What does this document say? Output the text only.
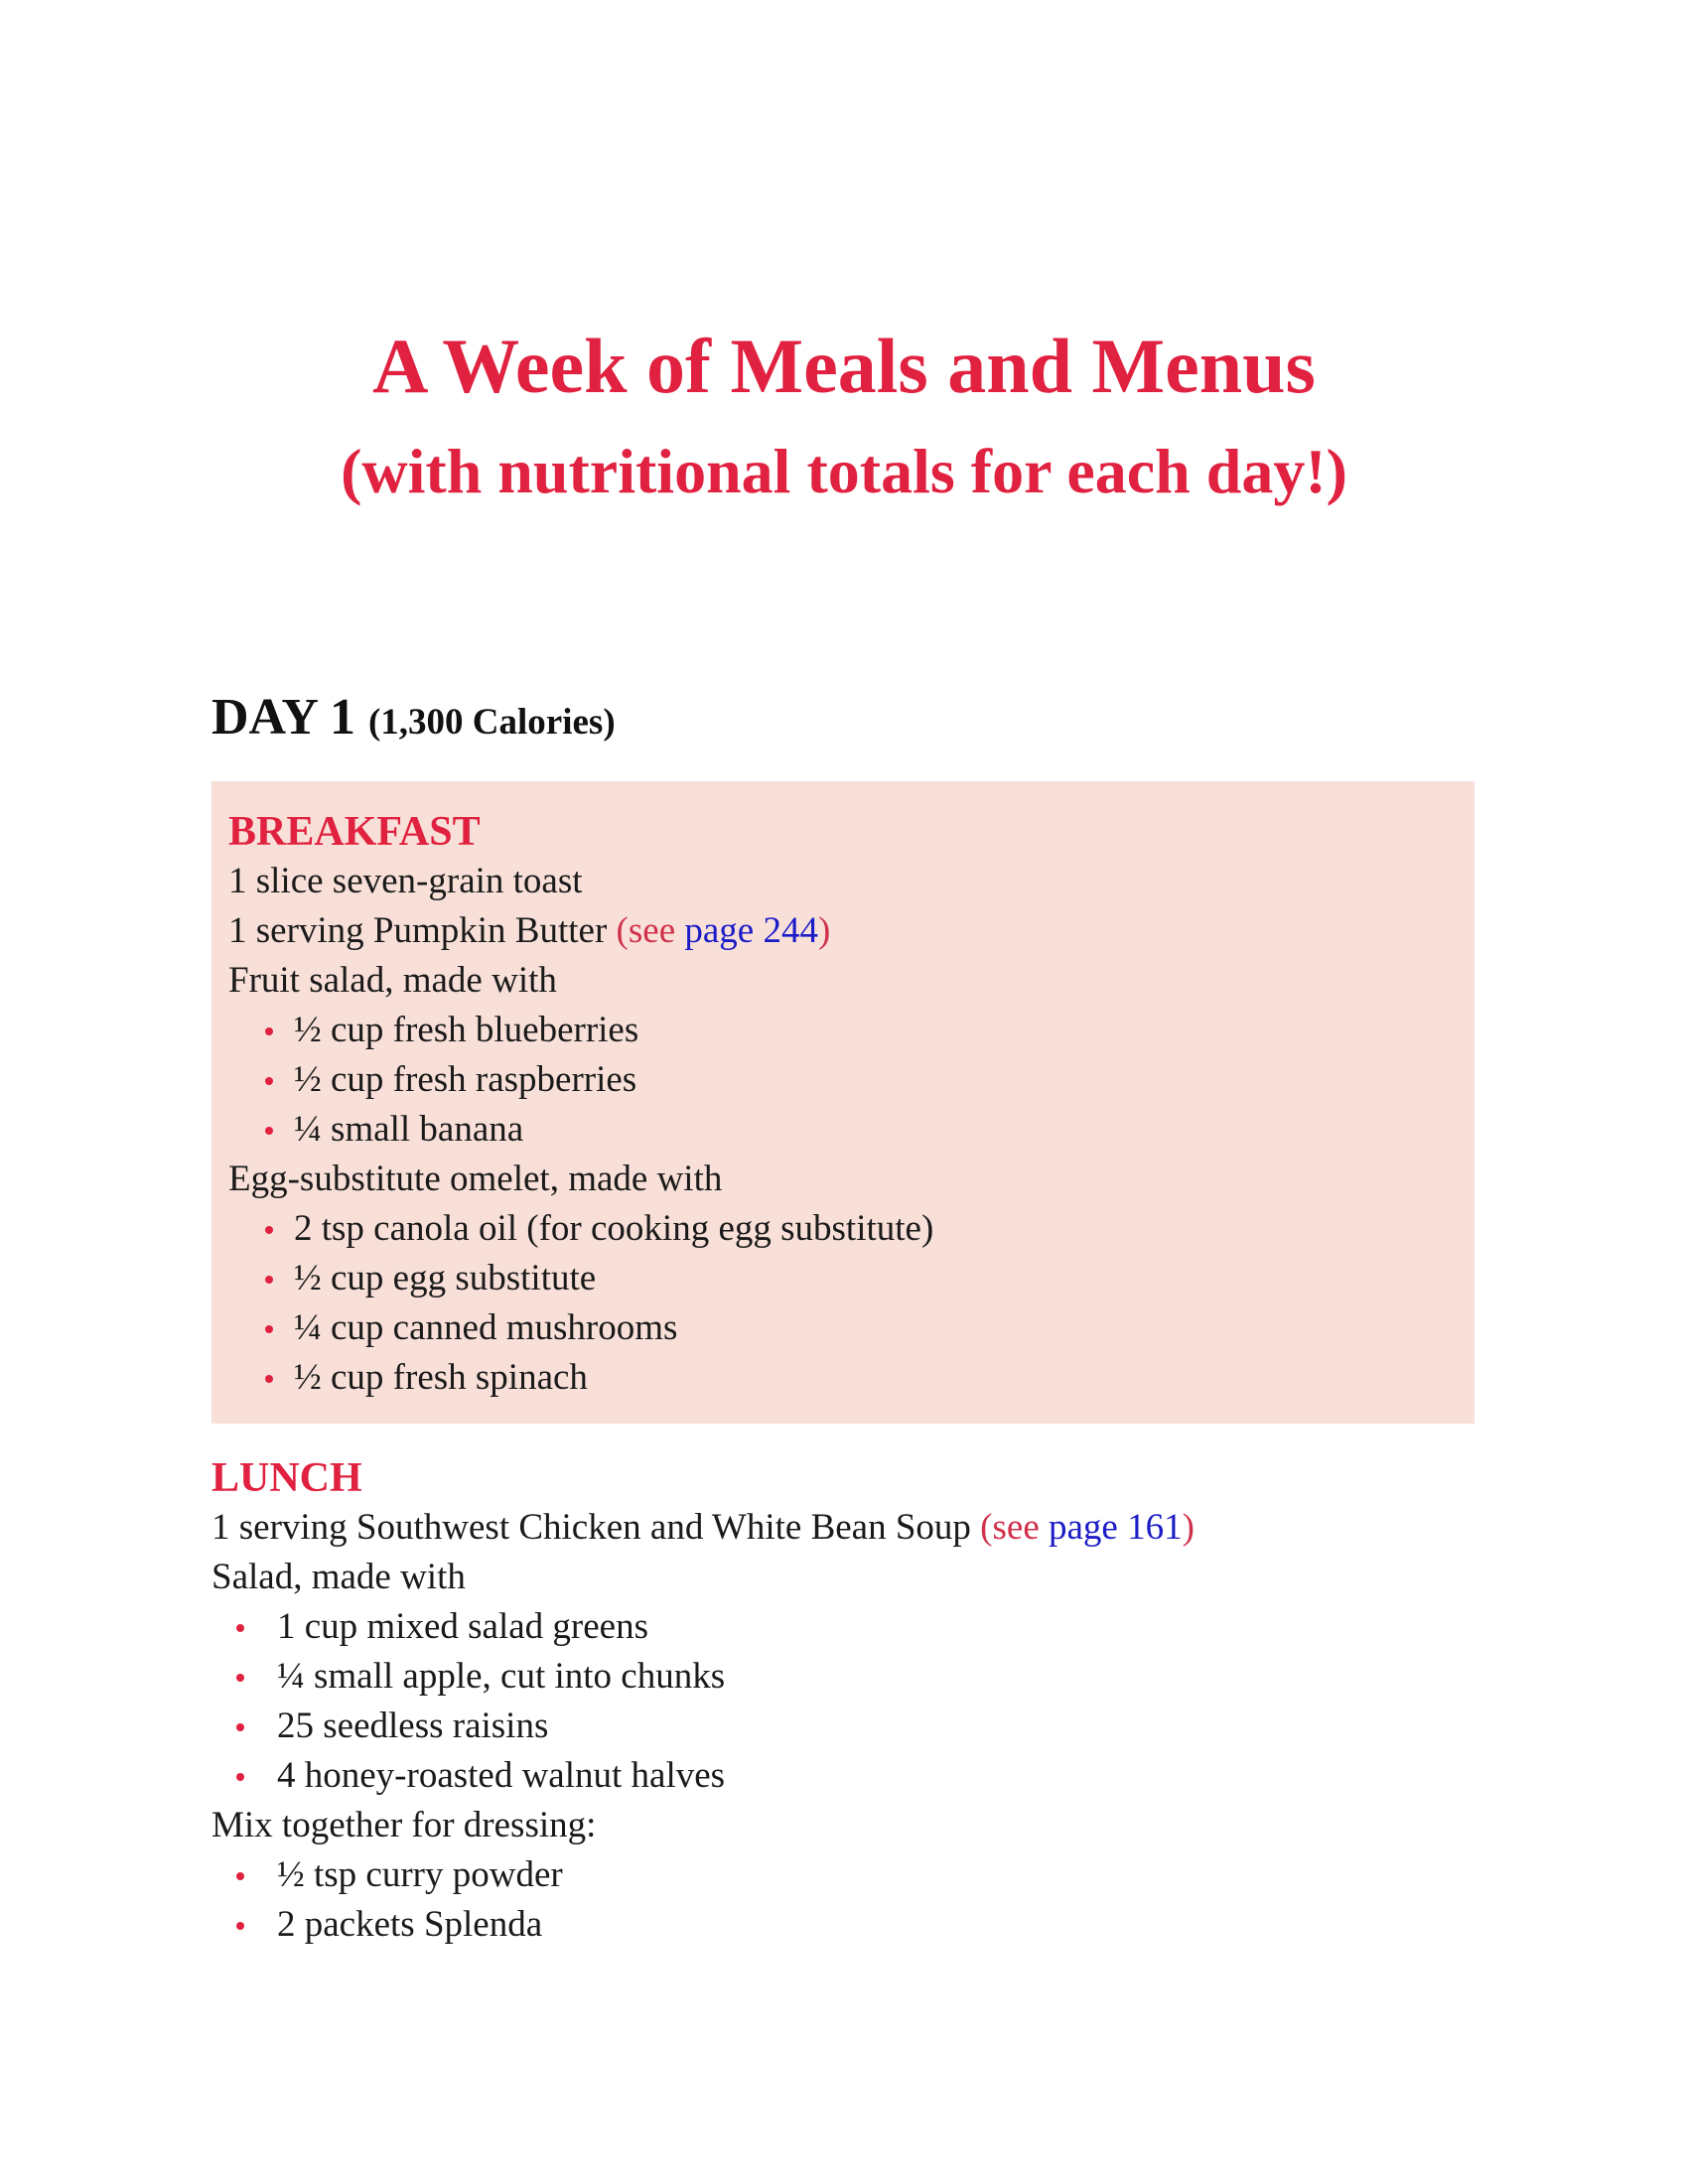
A Week of Meals and Menus
(with nutritional totals for each day!)
DAY 1 (1,300 Calories)
BREAKFAST
1 slice seven-grain toast
1 serving Pumpkin Butter (see page 244)
Fruit salad, made with
½ cup fresh blueberries
½ cup fresh raspberries
¼ small banana
Egg-substitute omelet, made with
2 tsp canola oil (for cooking egg substitute)
½ cup egg substitute
¼ cup canned mushrooms
½ cup fresh spinach
LUNCH
1 serving Southwest Chicken and White Bean Soup (see page 161)
Salad, made with
1 cup mixed salad greens
¼ small apple, cut into chunks
25 seedless raisins
4 honey-roasted walnut halves
Mix together for dressing:
½ tsp curry powder
2 packets Splenda
